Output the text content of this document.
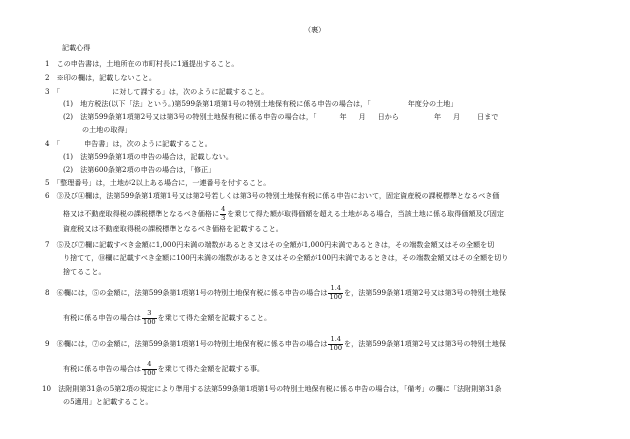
（裏）
記載心得
1　この申告書は，土地所在の市町村長に1通提出すること。
2　※印の欄は，記載しないこと。
3　「	に対して課する」は，次のように記載すること。
(1)　地方税法(以下「法」という。)第599条第1項第1号の特別土地保有税に係る申告の場合は，「	年度分の土地」
(2)　法第599条第1項第2号又は第3号の特別土地保有税に係る申告の場合は，「	年 月 日から	年 月 日まで
の土地の取得」
4　「	申告書」は，次のように記載すること。
(1)　法第599条第1項の申告の場合は，記載しない。
(2)　法第600条第2項の申告の場合は，「修正」
5　「整理番号」は，土地が2以上ある場合に，一連番号を付すること。
6　③及び④欄は，法第599条第1項第1号又は第2号若しくは第3号の特別土地保有税に係る申告において，固定資産税の課税標準となるべき価
格又は不動産取得税の課税標準となるべき価格に $\frac{4}{3}$ を乗じて得た額が取得価額を超える土地がある場合，当該土地に係る取得価額及び固定
資産税又は不動産取得税の課税標準となるべき価格を記載すること。
7　⑤及び⑦欄に記載すべき金額に1,000円未満の端数があるとき又はその全額が1,000円未満であるときは，その端数金額又はその全額を切
り捨てて，⑩欄に記載すべき金額に100円未満の端数があるとき又はその全額が100円未満であるときは，その端数金額又はその全額を切り
捨てること。
8　⑥欄には，⑤の金額に，法第599条第1項第1号の特別土地保有税に係る申告の場合は $\frac{1.4}{100}$ を，法第599条第1項第2号又は第3号の特別土地保
有税に係る申告の場合は $\frac{3}{100}$ を乗じて得た金額を記載すること。
9　⑧欄には，⑦の金額に，法第599条第1項第1号の特別土地保有税に係る申告の場合は $\frac{1.4}{100}$ を，法第599条第1項第2号又は第3号の特別土地保
有税に係る申告の場合は $\frac{4}{100}$ を乗じて得た金額を記載する事。
10　法附則第31条の5第2項の規定により準用する法第599条第1項第1号の特別土地保有税に係る申告の場合は，「備考」の欄に「法附則第31条
の5適用」と記載すること。
